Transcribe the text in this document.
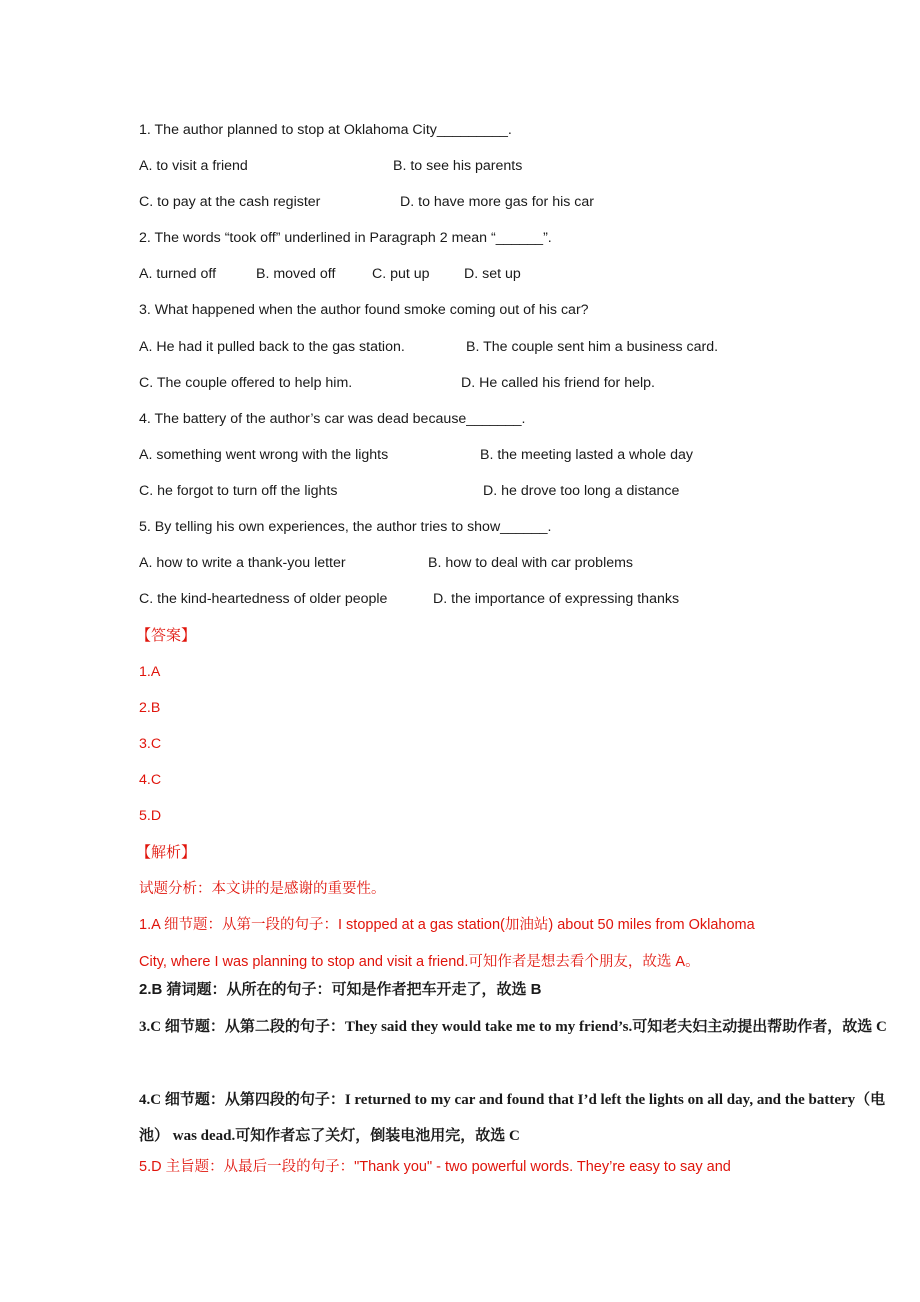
1. The author planned to stop at Oklahoma City_________.
A. to visit a friend	B. to see his parents
C. to pay at the cash register	D. to have more gas for his car
2. The words “took off” underlined in Paragraph 2 mean “______”.
A. turned off	B. moved off	C. put up D. set up
3. What happened when the author found smoke coming out of his car?
A. He had it pulled back to the gas station.	B. The couple sent him a business card.
C. The couple offered to help him.	D. He called his friend for help.
4. The battery of the author’s car was dead because_______.
A. something went wrong with the lights	B. the meeting lasted a whole day
C. he forgot to turn off the lights	D. he drove too long a distance
5. By telling his own experiences, the author tries to show______.
A. how to write a thank-you letter	B. how to deal with car problems
C. the kind-heartedness of older people	D. the importance of expressing thanks
【答案】
1.A
2.B
3.C
4.C
5.D
【解析】
试题分析：本文讲的是感谢的重要性。
1.A 细节题：从第一段的句子：I stopped at a gas station(加油站) about 50 miles from Oklahoma
City, where I was planning to stop and visit a friend.可知作者是想去看个朋友，故选 A。
2.B 猜词题：从所在的句子：可知是作者把车开走了，故选 B
3.C 细节题：从第二段的句子：They said they would take me to my friend’s.可知老夫妇主动提出帮助作者，故选 C
4.C 细节题：从第四段的句子：I returned to my car and found that I’d left the lights on all day, and the battery（电池） was dead.可知作者忘了关灯，倒装电池用完，故选 C
5.D 主旨题：从最后一段的句子："Thank you" - two powerful words. They’re easy to say and
